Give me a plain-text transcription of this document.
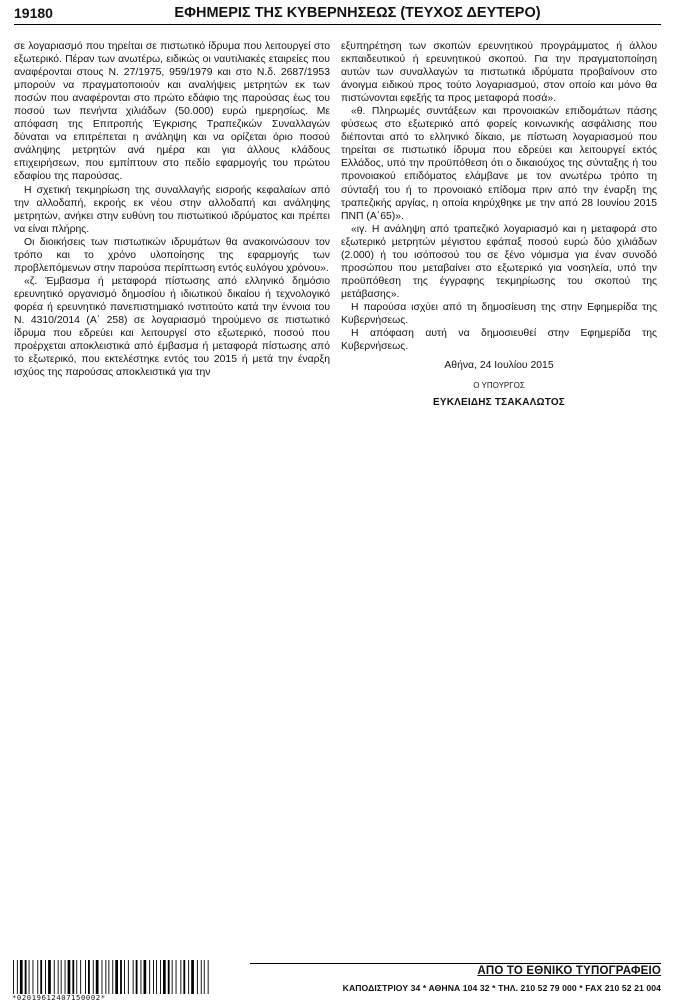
19180	ΕΦΗΜΕΡΙΣ ΤΗΣ ΚΥΒΕΡΝΗΣΕΩΣ (ΤΕΥΧΟΣ ΔΕΥΤΕΡΟ)

σε λογαριασμό που τηρείται σε πιστωτικό ίδρυμα που λειτουργεί στο εξωτερικό. Πέραν των ανωτέρω, ειδικώς οι ναυτιλιακές εταιρείες που αναφέρονται στους Ν. 27/1975, 959/1979 και στο Ν.δ. 2687/1953 μπορούν να πραγματοποιούν και αναλήψεις μετρητών εκ των ποσών που αναφέρονται στο πρώτο εδάφιο της παρούσας έως του ποσού των πενήντα χιλιάδων (50.000) ευρώ ημερησίως. Με απόφαση της Επιτροπής Έγκρισης Τραπεζικών Συναλλαγών δύναται να επιτρέπεται η ανάληψη και να ορίζεται όριο ποσού ανάληψης μετρητών ανά ημέρα και για άλλους κλάδους επιχειρήσεων, που εμπίπτουν στο πεδίο εφαρμογής του πρώτου εδαφίου της παρούσας.

Η σχετική τεκμηρίωση της συναλλαγής εισροής κεφαλαίων από την αλλοδαπή, εκροής εκ νέου στην αλλοδαπή και ανάληψης μετρητών, ανήκει στην ευθύνη του πιστωτικού ιδρύματος και πρέπει να είναι πλήρης.

Οι διοικήσεις των πιστωτικών ιδρυμάτων θα ανακοινώσουν τον τρόπο και το χρόνο υλοποίησης της εφαρμογής των προβλεπόμενων στην παρούσα περίπτωση εντός ευλόγου χρόνου».

«ζ. Έμβασμα ή μεταφορά πίστωσης από ελληνικό δημόσιο ερευνητικό οργανισμό δημοσίου ή ιδιωτικού δικαίου ή τεχνολογικό φορέα ή ερευνητικό πανεπιστημιακό ινστιτούτο κατά την έννοια του Ν. 4310/2014 (Α΄ 258) σε λογαριασμό τηρούμενο σε πιστωτικό ίδρυμα που εδρεύει και λειτουργεί στο εξωτερικό, ποσού που προέρχεται αποκλειστικά από έμβασμα ή μεταφορά πίστωσης από το εξωτερικό, που εκτελέστηκε εντός του 2015 ή μετά την έναρξη ισχύος της παρούσας αποκλειστικά για την

εξυπηρέτηση των σκοπών ερευνητικού προγράμματος ή άλλου εκπαιδευτικού ή ερευνητικού σκοπού. Για την πραγματοποίηση αυτών των συναλλαγών τα πιστωτικά ιδρύματα προβαίνουν στο άνοιγμα ειδικού προς τούτο λογαριασμού, στον οποίο και μόνο θα πιστώνονται εφεξής τα προς μεταφορά ποσά».

«θ. Πληρωμές συντάξεων και προνοιακών επιδομάτων πάσης φύσεως στο εξωτερικό από φορείς κοινωνικής ασφάλισης που διέπονται από το ελληνικό δίκαιο, με πίστωση λογαριασμού που τηρείται σε πιστωτικό ίδρυμα που εδρεύει και λειτουργεί εκτός Ελλάδος, υπό την προϋπόθεση ότι ο δικαιούχος της σύνταξης ή του προνοιακού επιδόματος ελάμβανε με τον ανωτέρω τρόπο τη σύνταξή του ή το προνοιακό επίδομα πριν από την έναρξη της τραπεζικής αργίας, η οποία κηρύχθηκε με την από 28 Ιουνίου 2015 ΠΝΠ (Α΄65)».

«ιγ. Η ανάληψη από τραπεζικό λογαριασμό και η μεταφορά στο εξωτερικό μετρητών μέγιστου εφάπαξ ποσού ευρώ δύο χιλιάδων (2.000) ή του ισόποσού του σε ξένο νόμισμα για έναν συνοδό προσώπου που μεταβαίνει στο εξωτερικό για νοσηλεία, υπό την προϋπόθεση της έγγραφης τεκμηρίωσης του σκοπού της μετάβασης».

Η παρούσα ισχύει από τη δημοσίευση της στην Εφημερίδα της Κυβερνήσεως.

Η απόφαση αυτή να δημοσιευθεί στην Εφημερίδα της Κυβερνήσεως.

Αθήνα, 24 Ιουλίου 2015

Ο ΥΠΟΥΡΓΟΣ

ΕΥΚΛΕΙΔΗΣ ΤΣΑΚΑΛΩΤΟΣ

*02019612407150002*
ΑΠΟ ΤΟ ΕΘΝΙΚΟ ΤΥΠΟΓΡΑΦΕΙΟ
ΚΑΠΟΔΙΣΤΡΙΟΥ 34 * ΑΘΗΝΑ 104 32 * ΤΗΛ. 210 52 79 000 * FAX 210 52 21 004
